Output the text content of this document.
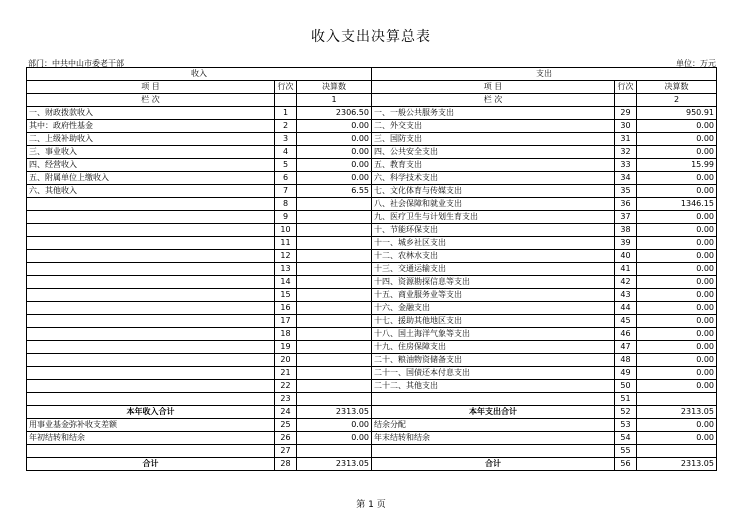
收入支出决算总表
部门：中共中山市委老干部	单位：万元
收入			支出		
项 目	行次	决算数	项 目	行次	决算数
栏 次		1	栏 次		2
一、财政拨款收入	1	2306.50	一、一般公共服务支出	29	950.91
其中：政府性基金	2	0.00	二、外交支出	30	0.00
二、上级补助收入	3	0.00	三、国防支出	31	0.00
三、事业收入	4	0.00	四、公共安全支出	32	0.00
四、经营收入	5	0.00	五、教育支出	33	15.99
五、附属单位上缴收入	6	0.00	六、科学技术支出	34	0.00
六、其他收入	7	6.55	七、文化体育与传媒支出	35	0.00
	8		八、社会保障和就业支出	36	1346.15
	9		九、医疗卫生与计划生育支出	37	0.00
	10		十、节能环保支出	38	0.00
	11		十一、城乡社区支出	39	0.00
	12		十二、农林水支出	40	0.00
	13		十三、交通运输支出	41	0.00
	14		十四、资源勘探信息等支出	42	0.00
	15		十五、商业服务业等支出	43	0.00
	16		十六、金融支出	44	0.00
	17		十七、援助其他地区支出	45	0.00
	18		十八、国土海洋气象等支出	46	0.00
	19		十九、住房保障支出	47	0.00
	20		二十、粮油物资储备支出	48	0.00
	21		二十一、国债还本付息支出	49	0.00
	22		二十二、其他支出	50	0.00
	23			51	
本年收入合计	24	2313.05	本年支出合计	52	2313.05
用事业基金弥补收支差额	25	0.00	结余分配	53	0.00
年初结转和结余	26	0.00	年末结转和结余	54	0.00
	27			55	
合计	28	2313.05	合计	56	2313.05
第 1 页
